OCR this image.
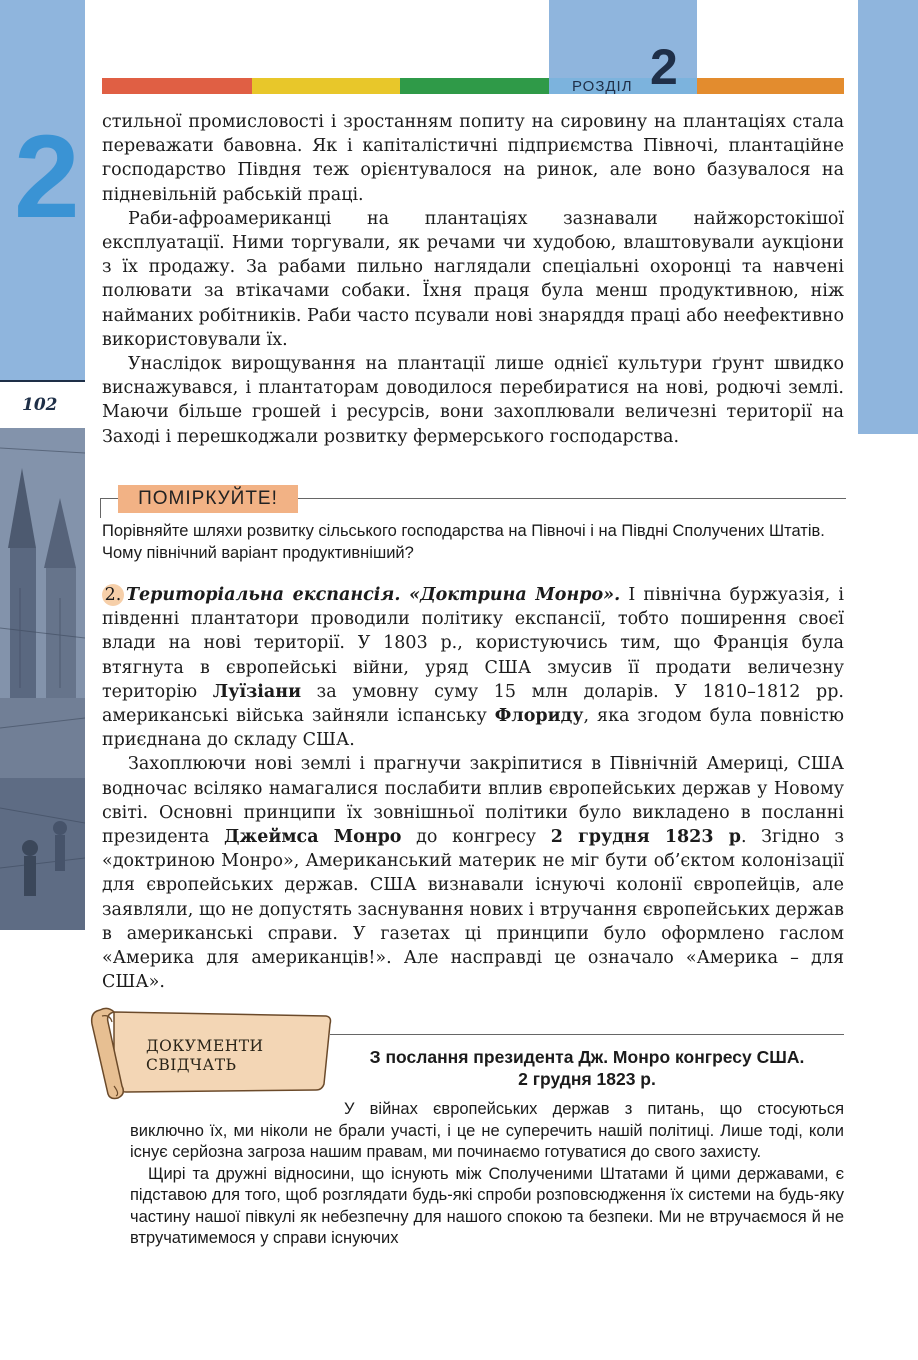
2
102
РОЗДІЛ 2

стильної промисловості і зростанням попиту на сировину на плантаціях стала переважати бавовна. Як і капіталістичні підприємства Півночі, плантаційне господарство Півдня теж орієнтувалося на ринок, але воно базувалося на підневільній рабській праці.

Раби-афроамериканці на плантаціях зазнавали найжорстокішої експлуатації. Ними торгували, як речами чи худобою, влаштовували аукціони з їх продажу. За рабами пильно наглядали спеціальні охоронці та навчені полювати за втікачами собаки. Їхня праця була менш продуктивною, ніж найманих робітників. Раби часто псували нові знаряддя праці або неефективно використовували їх.

Унаслідок вирощування на плантації лише однієї культури ґрунт швидко виснажувався, і плантаторам доводилося перебиратися на нові, родючі землі. Маючи більше грошей і ресурсів, вони захоплювали величезні території на Заході і перешкоджали розвитку фермерського господарства.

ПОМІРКУЙТЕ!
Порівняйте шляхи розвитку сільського господарства на Півночі і на Півдні Сполучених Штатів. Чому північний варіант продуктивніший?

2. Територіальна експансія. «Доктрина Монро». І північна буржуазія, і південні плантатори проводили політику експансії, тобто поширення своєї влади на нові території. У 1803 р., користуючись тим, що Франція була втягнута в європейські війни, уряд США змусив її продати величезну територію Луїзіани за умовну суму 15 млн доларів. У 1810–1812 рр. американські війська зайняли іспанську Флориду, яка згодом була повністю приєднана до складу США.

Захоплюючи нові землі і прагнучи закріпитися в Північній Америці, США водночас всіляко намагалися послабити вплив європейських держав у Новому світі. Основні принципи їх зовнішньої політики було викладено в посланні президента Джеймса Монро до конгресу 2 грудня 1823 р. Згідно з «доктриною Монро», Американський материк не міг бути об’єктом колонізації для європейських держав. США визнавали існуючі колонії європейців, але заявляли, що не допустять заснування нових і втручання європейських держав в американські справи. У газетах ці принципи було оформлено гаслом «Америка для американців!». Але насправді це означало «Америка – для США».

ДОКУМЕНТИ
СВІДЧАТЬ	З послання президента Дж. Монро конгресу США.
2 грудня 1823 р.

У війнах європейських держав з питань, що стосуються виключно їх, ми ніколи не брали участі, і це не суперечить нашій політиці. Лише тоді, коли існує серйозна загроза нашим правам, ми починаємо готуватися до свого захисту.

Щирі та дружні відносини, що існують між Сполученими Штатами й цими державами, є підставою для того, щоб розглядати будь-які спроби розповсюдження їх системи на будь-яку частину нашої півкулі як небезпечну для нашого спокою та безпеки. Ми не втручаємося й не втручатимемося у справи існуючих
